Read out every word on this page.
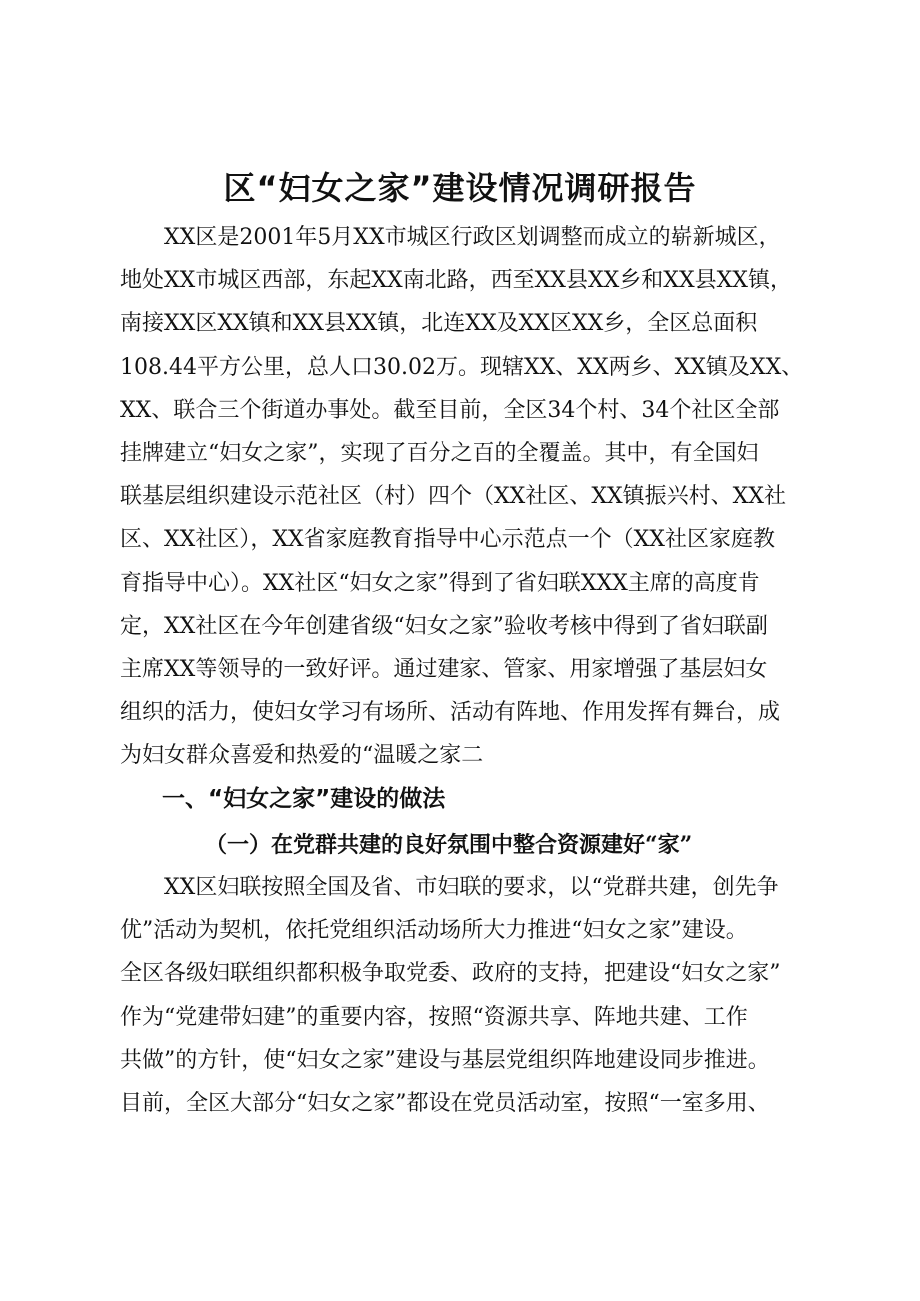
区“妇女之家”建设情况调研报告
　　XX区是2001年5月XX市城区行政区划调整而成立的崭新城区，
地处XX市城区西部，东起XX南北路，西至XX县XX乡和XX县XX镇，
南接XX区XX镇和XX县XX镇，北连XX及XX区XX乡，全区总面积
108.44平方公里，总人口30.02万。现辖XX、XX两乡、XX镇及XX、
XX、联合三个街道办事处。截至目前，全区34个村、34个社区全部
挂牌建立“妇女之家”，实现了百分之百的全覆盖。其中，有全国妇
联基层组织建设示范社区（村）四个（XX社区、XX镇振兴村、XX社
区、XX社区），XX省家庭教育指导中心示范点一个（XX社区家庭教
育指导中心）。XX社区“妇女之家”得到了省妇联XXX主席的高度肯
定，XX社区在今年创建省级“妇女之家”验收考核中得到了省妇联副
主席XX等领导的一致好评。通过建家、管家、用家增强了基层妇女
组织的活力，使妇女学习有场所、活动有阵地、作用发挥有舞台，成
为妇女群众喜爱和热爱的“温暖之家二
一、“妇女之家”建设的做法
（一）在党群共建的良好氛围中整合资源建好“家”
　　XX区妇联按照全国及省、市妇联的要求，以“党群共建，创先争
优”活动为契机，依托党组织活动场所大力推进“妇女之家”建设。
全区各级妇联组织都积极争取党委、政府的支持，把建设“妇女之家”
作为“党建带妇建”的重要内容，按照“资源共享、阵地共建、工作
共做”的方针，使“妇女之家”建设与基层党组织阵地建设同步推进。
目前，全区大部分“妇女之家”都设在党员活动室，按照“一室多用、
